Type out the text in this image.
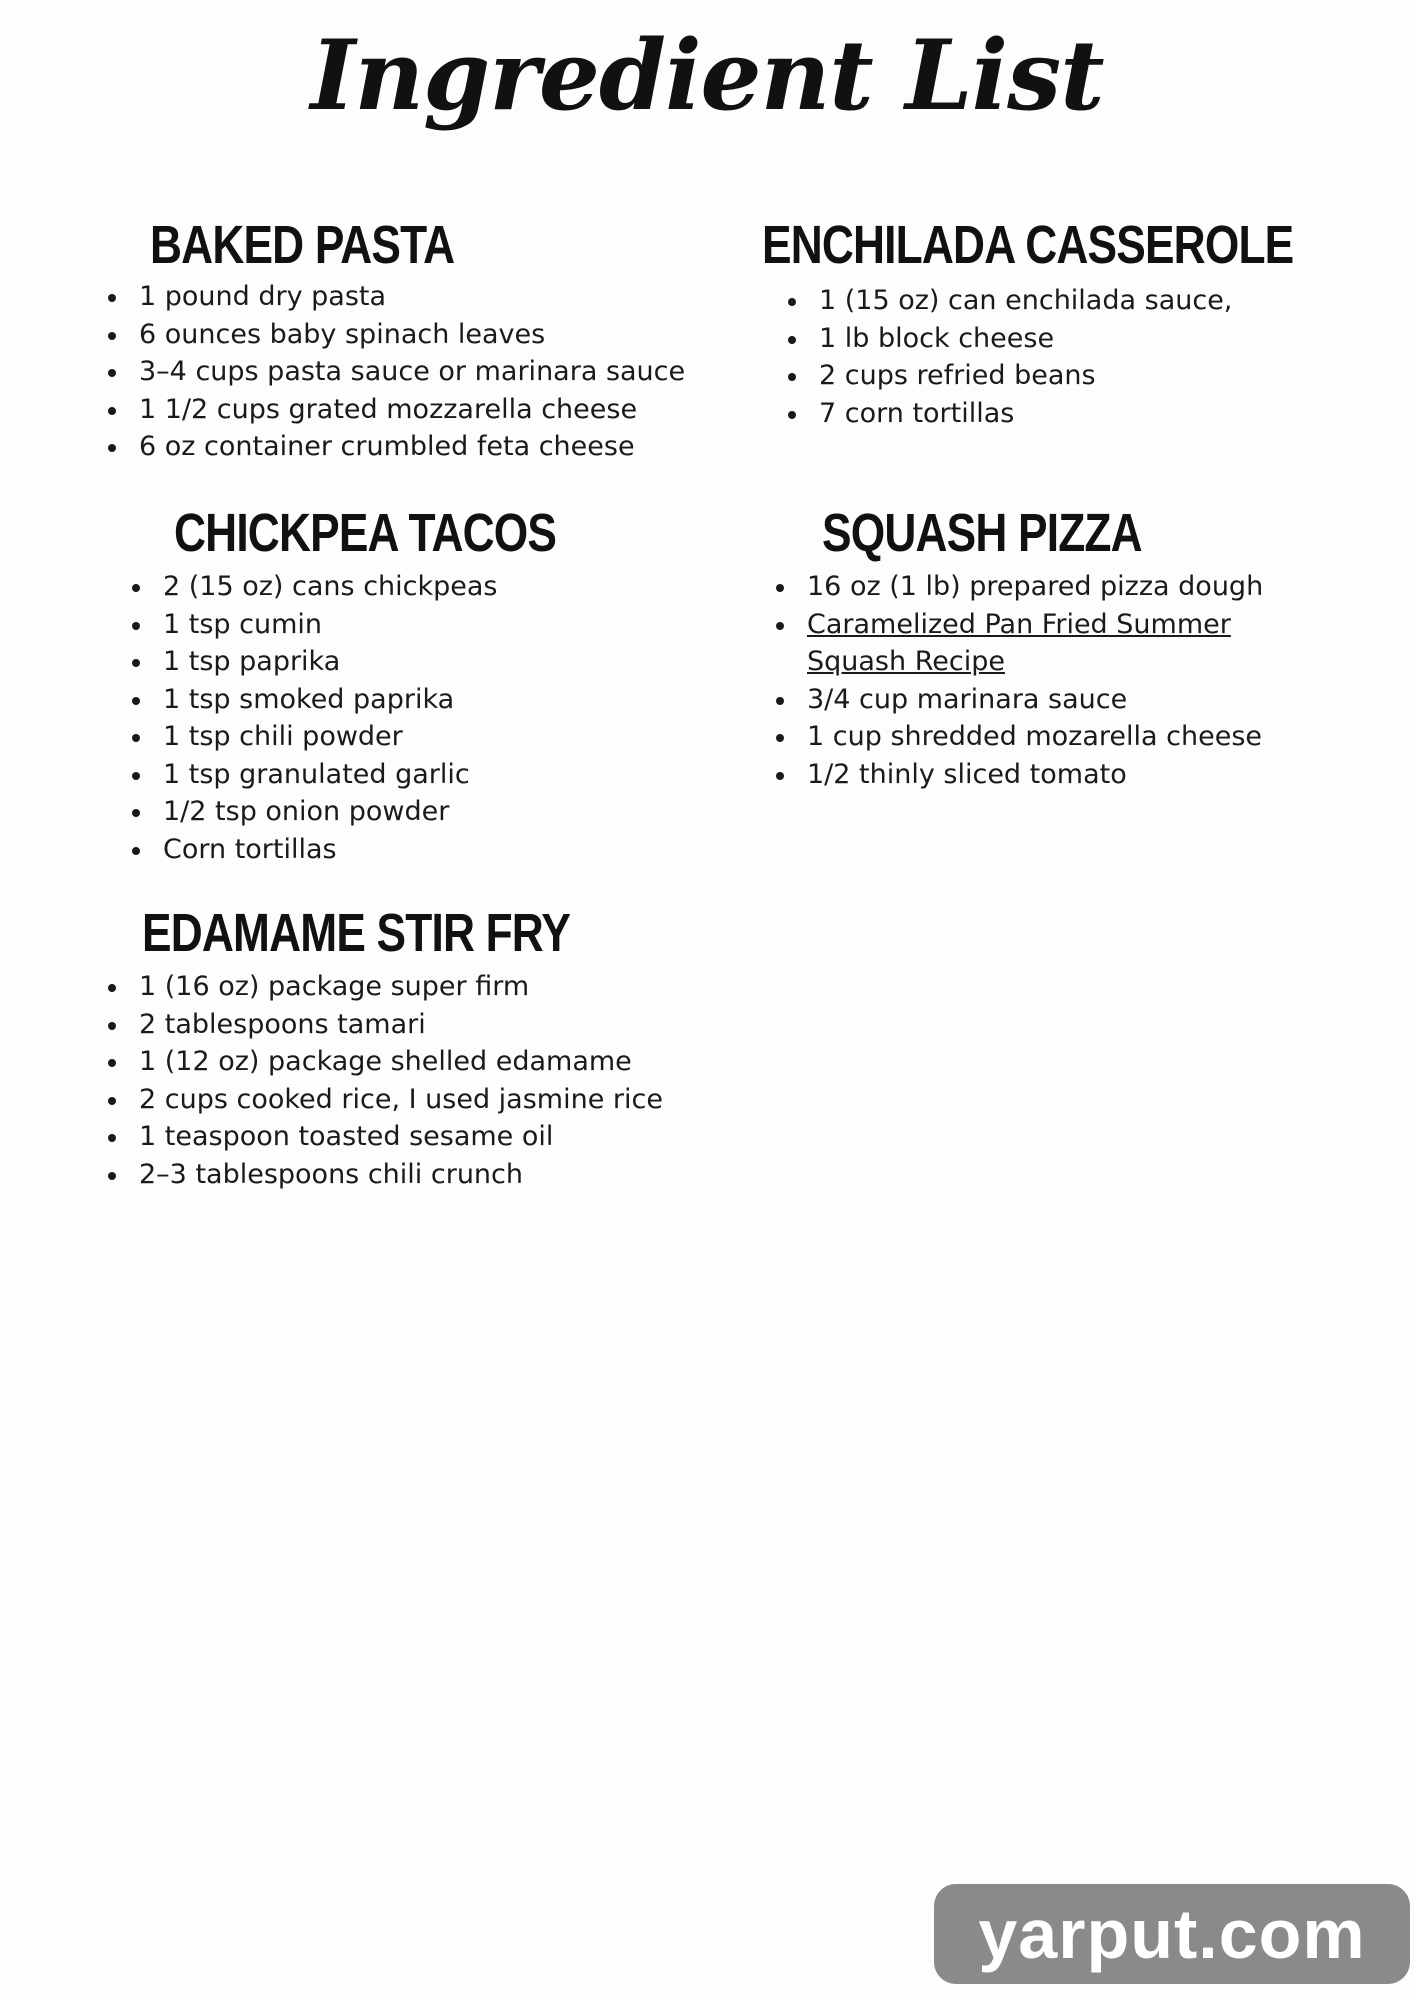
Ingredient List
BAKED PASTA
1 pound dry pasta
6 ounces baby spinach leaves
3–4 cups pasta sauce or marinara sauce
1 1/2 cups grated mozzarella cheese
6 oz container crumbled feta cheese
ENCHILADA CASSEROLE
1 (15 oz) can enchilada sauce,
1 lb block cheese
2 cups refried beans
7 corn tortillas
CHICKPEA TACOS
2 (15 oz) cans chickpeas
1 tsp cumin
1 tsp paprika
1 tsp smoked paprika
1 tsp chili powder
1 tsp granulated garlic
1/2 tsp onion powder
Corn tortillas
SQUASH PIZZA
16 oz (1 lb) prepared pizza dough
Caramelized Pan Fried Summer Squash Recipe
3/4 cup marinara sauce
1 cup shredded mozarella cheese
1/2 thinly sliced tomato
EDAMAME STIR FRY
1 (16 oz) package super firm
2 tablespoons tamari
1 (12 oz) package shelled edamame
2 cups cooked rice, I used jasmine rice
1 teaspoon toasted sesame oil
2–3 tablespoons chili crunch
yarput.com
